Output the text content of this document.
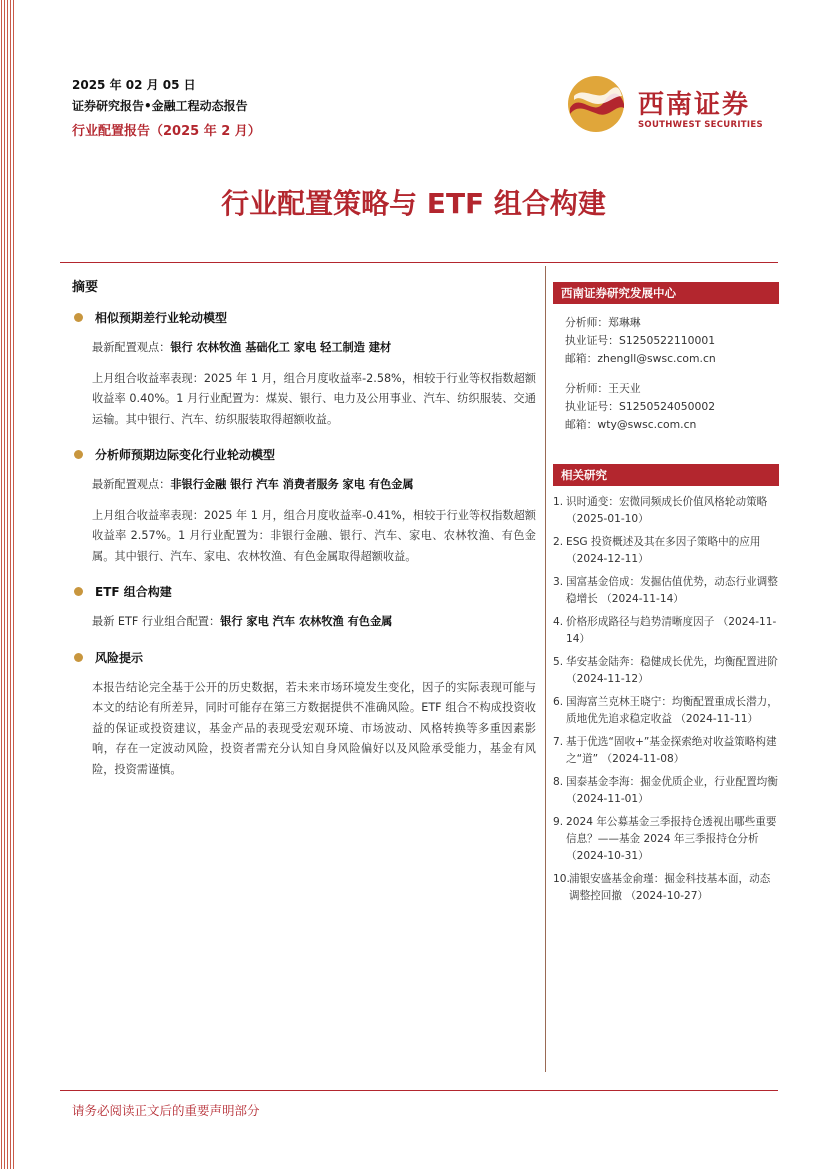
2025 年 02 月 05 日
证券研究报告•金融工程动态报告
行业配置报告（2025 年 2 月）
西南证券
SOUTHWEST SECURITIES
行业配置策略与 ETF 组合构建
摘要
相似预期差行业轮动模型
最新配置观点：银行 农林牧渔 基础化工 家电 轻工制造 建材
上月组合收益率表现：2025 年 1 月，组合月度收益率-2.58%，相较于行业等权指数超额收益率 0.40%。1 月行业配置为：煤炭、银行、电力及公用事业、汽车、纺织服装、交通运输。其中银行、汽车、纺织服装取得超额收益。
分析师预期边际变化行业轮动模型
最新配置观点：非银行金融 银行 汽车 消费者服务 家电 有色金属
上月组合收益率表现：2025 年 1 月，组合月度收益率-0.41%，相较于行业等权指数超额收益率 2.57%。1 月行业配置为：非银行金融、银行、汽车、家电、农林牧渔、有色金属。其中银行、汽车、家电、农林牧渔、有色金属取得超额收益。
ETF 组合构建
最新 ETF 行业组合配置：银行 家电 汽车 农林牧渔 有色金属
风险提示
本报告结论完全基于公开的历史数据，若未来市场环境发生变化，因子的实际表现可能与本文的结论有所差异，同时可能存在第三方数据提供不准确风险。ETF 组合不构成投资收益的保证或投资建议，基金产品的表现受宏观环境、市场波动、风格转换等多重因素影响，存在一定波动风险，投资者需充分认知自身风险偏好以及风险承受能力，基金有风险，投资需谨慎。
西南证券研究发展中心
分析师：郑琳琳
执业证号：S1250522110001
邮箱：zhengll@swsc.com.cn
分析师：王天业
执业证号：S1250524050002
邮箱：wty@swsc.com.cn
相关研究
1. 识时通变：宏微同频成长价值风格轮动策略 （2025-01-10）
2. ESG 投资概述及其在多因子策略中的应用 （2024-12-11）
3. 国富基金倍成：发掘估值优势，动态行业调整稳增长 （2024-11-14）
4. 价格形成路径与趋势清晰度因子 （2024-11-14）
5. 华安基金陆奔：稳健成长优先，均衡配置进阶 （2024-11-12）
6. 国海富兰克林王晓宁：均衡配置重成长潜力，质地优先追求稳定收益 （2024-11-11）
7. 基于优选“固收+”基金探索绝对收益策略构建之“道” （2024-11-08）
8. 国泰基金李海：掘金优质企业，行业配置均衡 （2024-11-01）
9. 2024 年公募基金三季报持仓透视出哪些重要信息？——基金 2024 年三季报持仓分析 （2024-10-31）
10. 浦银安盛基金俞瑾：掘金科技基本面，动态调整控回撤 （2024-10-27）
请务必阅读正文后的重要声明部分
